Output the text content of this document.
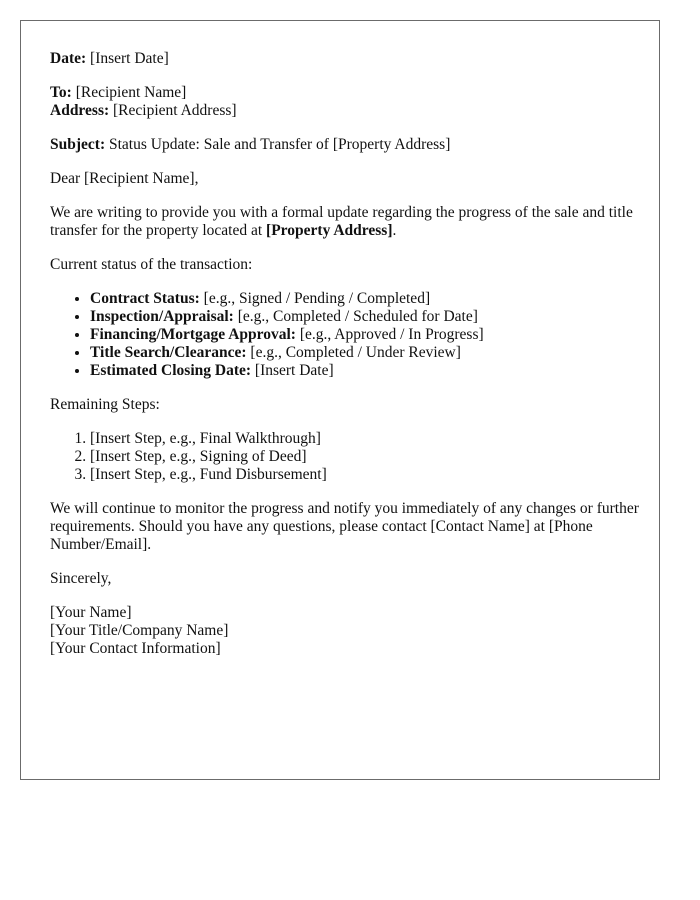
Date: [Insert Date]

To: [Recipient Name]
Address: [Recipient Address]

Subject: Status Update: Sale and Transfer of [Property Address]

Dear [Recipient Name],

We are writing to provide you with a formal update regarding the progress of the sale and title transfer for the property located at [Property Address].

Current status of the transaction:

• Contract Status: [e.g., Signed / Pending / Completed]
• Inspection/Appraisal: [e.g., Completed / Scheduled for Date]
• Financing/Mortgage Approval: [e.g., Approved / In Progress]
• Title Search/Clearance: [e.g., Completed / Under Review]
• Estimated Closing Date: [Insert Date]

Remaining Steps:

1. [Insert Step, e.g., Final Walkthrough]
2. [Insert Step, e.g., Signing of Deed]
3. [Insert Step, e.g., Fund Disbursement]

We will continue to monitor the progress and notify you immediately of any changes or further requirements. Should you have any questions, please contact [Contact Name] at [Phone Number/Email].

Sincerely,

[Your Name]
[Your Title/Company Name]
[Your Contact Information]
